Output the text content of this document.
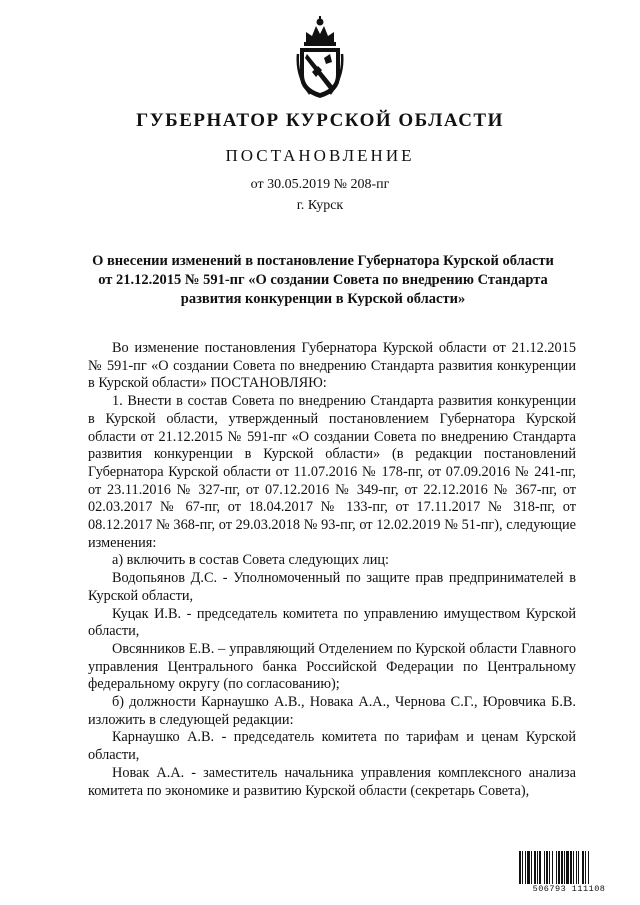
ГУБЕРНАТОР КУРСКОЙ ОБЛАСТИ
ПОСТАНОВЛЕНИЕ
от 30.05.2019 № 208-пг
г. Курск
О внесении изменений в постановление Губернатора Курской области от 21.12.2015 № 591-пг «О создании Совета по внедрению Стандарта развития конкуренции в Курской области»

Во изменение постановления Губернатора Курской области от 21.12.2015 № 591-пг «О создании Совета по внедрению Стандарта развития конкуренции в Курской области» ПОСТАНОВЛЯЮ:

1. Внести в состав Совета по внедрению Стандарта развития конкуренции в Курской области, утвержденный постановлением Губернатора Курской области от 21.12.2015 № 591-пг «О создании Совета по внедрению Стандарта развития конкуренции в Курской области» (в редакции постановлений Губернатора Курской области от 11.07.2016 № 178-пг, от 07.09.2016 № 241-пг, от 23.11.2016 № 327-пг, от 07.12.2016 № 349-пг, от 22.12.2016 № 367-пг, от 02.03.2017 № 67-пг, от 18.04.2017 № 133-пг, от 17.11.2017 № 318-пг, от 08.12.2017 № 368-пг, от 29.03.2018 № 93-пг, от 12.02.2019 № 51-пг), следующие изменения:

а) включить в состав Совета следующих лиц:

Водопьянов Д.С. - Уполномоченный по защите прав предпринимателей в Курской области,

Куцак И.В. - председатель комитета по управлению имуществом Курской области,

Овсянников Е.В. – управляющий Отделением по Курской области Главного управления Центрального банка Российской Федерации по Центральному федеральному округу (по согласованию);

б) должности Карнаушко А.В., Новака А.А., Чернова С.Г., Юровчика Б.В. изложить в следующей редакции:

Карнаушко А.В. - председатель комитета по тарифам и ценам Курской области,

Новак А.А. - заместитель начальника управления комплексного анализа комитета по экономике и развитию Курской области (секретарь Совета),

506793 111108
